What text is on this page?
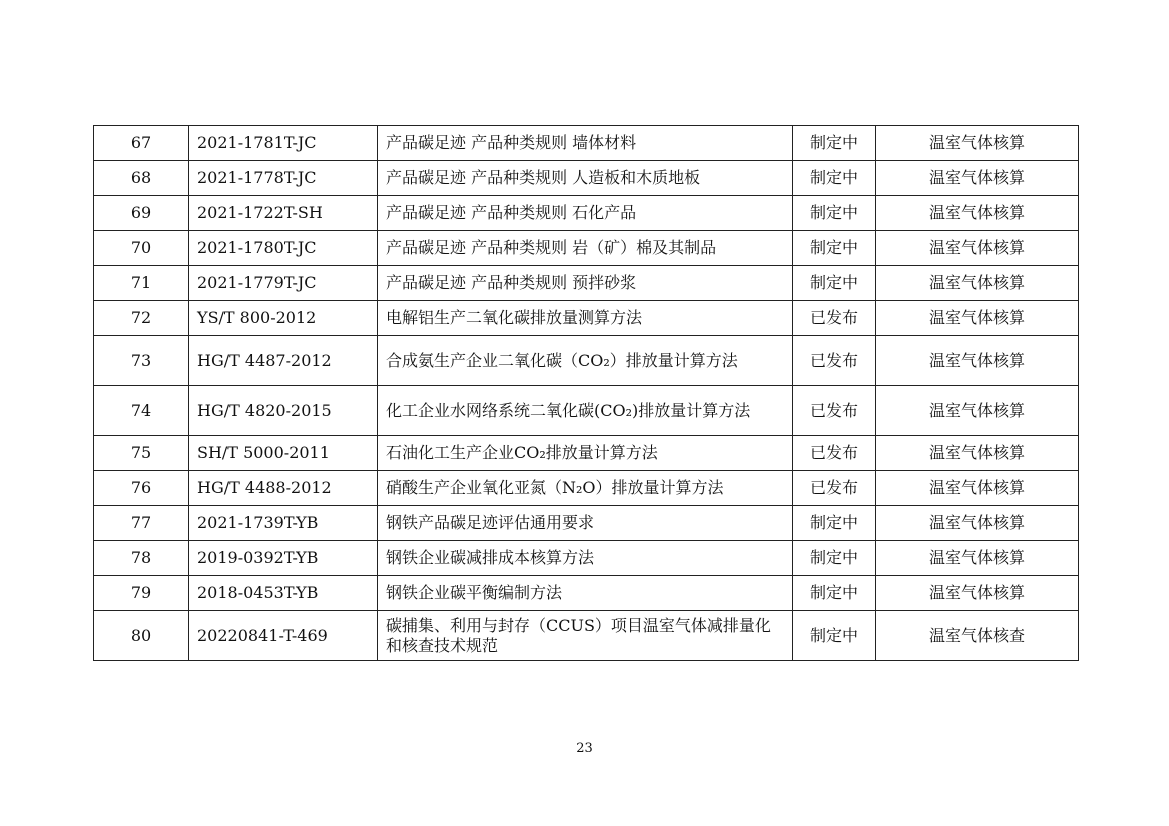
67	2021-1781T-JC	产品碳足迹 产品种类规则 墙体材料	制定中	温室气体核算
68	2021-1778T-JC	产品碳足迹 产品种类规则 人造板和木质地板	制定中	温室气体核算
69	2021-1722T-SH	产品碳足迹 产品种类规则 石化产品	制定中	温室气体核算
70	2021-1780T-JC	产品碳足迹 产品种类规则 岩（矿）棉及其制品	制定中	温室气体核算
71	2021-1779T-JC	产品碳足迹 产品种类规则 预拌砂浆	制定中	温室气体核算
72	YS/T 800-2012	电解铝生产二氧化碳排放量测算方法	已发布	温室气体核算
73	HG/T 4487-2012	合成氨生产企业二氧化碳（CO₂）排放量计算方法	已发布	温室气体核算
74	HG/T 4820-2015	化工企业水网络系统二氧化碳(CO₂)排放量计算方法	已发布	温室气体核算
75	SH/T 5000-2011	石油化工生产企业CO₂排放量计算方法	已发布	温室气体核算
76	HG/T 4488-2012	硝酸生产企业氧化亚氮（N₂O）排放量计算方法	已发布	温室气体核算
77	2021-1739T-YB	钢铁产品碳足迹评估通用要求	制定中	温室气体核算
78	2019-0392T-YB	钢铁企业碳减排成本核算方法	制定中	温室气体核算
79	2018-0453T-YB	钢铁企业碳平衡编制方法	制定中	温室气体核算
80	20220841-T-469	碳捕集、利用与封存（CCUS）项目温室气体减排量化和核查技术规范	制定中	温室气体核查
23
